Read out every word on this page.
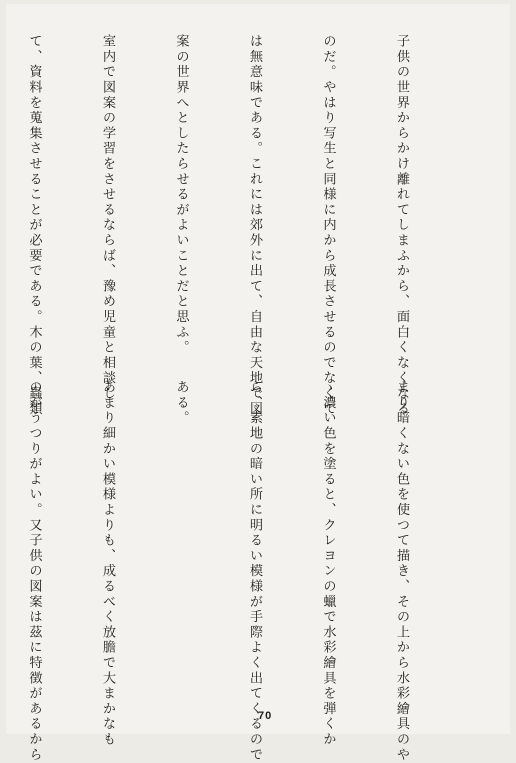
子供の世界からかけ離れてしまふから、面白くなくなる

のだ。やはり写生と同様に内から成長させるのでなくて

は無意味である。これには郊外に出て、自由な天地で図

案の世界へとしたらせるがよいことだと思ふ。

室内で図案の学習をさせるならば、豫め児童と相談し

て、資料を蒐集させることが必要である。木の葉、蟲類

まり暗くない色を使つて描き、その上から水彩繪具のや

ゝ濃い色を塗ると、クレヨンの蠟で水彩繪具を弾くか

ら、素地の暗い所に明るい模様が手際よく出てくるので

ある。

あまり細かい模様よりも、成るべく放膽で大まかなも

のがうつりがよい。又子供の図案は茲に特徴があるから

	70
